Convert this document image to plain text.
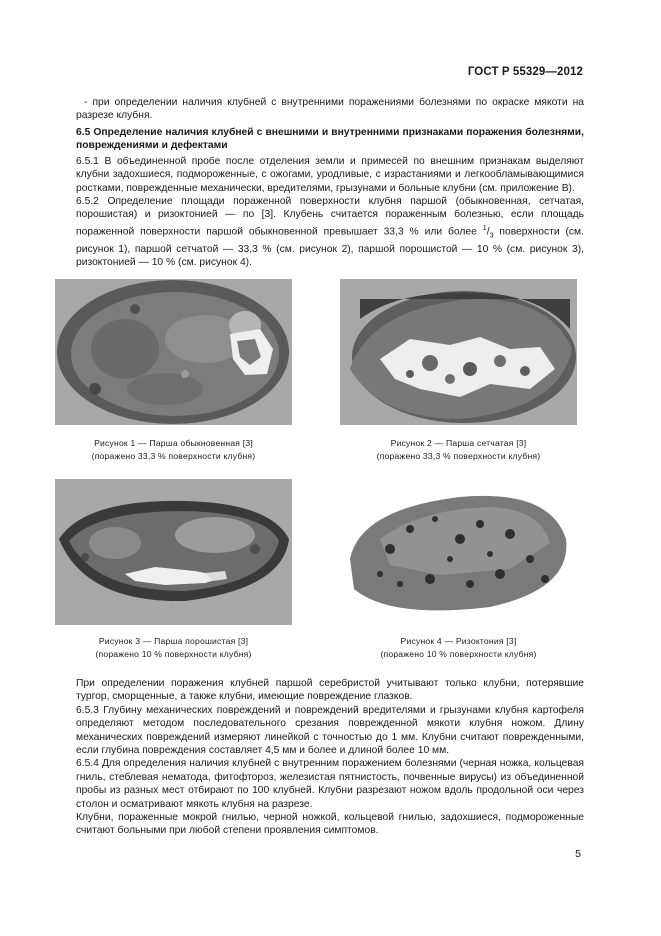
ГОСТ Р 55329—2012

- при определении наличия клубней с внутренними поражениями болезнями по окраске мякоти на разрезе клубня.

6.5 Определение наличия клубней с внешними и внутренними признаками поражения болезнями, повреждениями и дефектами

6.5.1 В объединенной пробе после отделения земли и примесей по внешним признакам выделяют клубни задохшиеся, подмороженные, с ожогами, уродливые, с израстаниями и легкообламывающимися ростками, поврежденные механически, вредителями, грызунами и больные клубни (см. приложение В).

6.5.2 Определение площади пораженной поверхности клубня паршой (обыкновенная, сетчатая, порошистая) и ризоктонией — по [3]. Клубень считается пораженным болезнью, если площадь пораженной поверхности паршой обыкновенной превышает 33,3 % или более $^1/_3$ поверхности (см. рисунок 1), паршой сетчатой — 33,3 % (см. рисунок 2), паршой порошистой — 10 % (см. рисунок 3), ризоктонией — 10 % (см. рисунок 4).

Рисунок 1 — Парша обыкновенная [3]
(поражено 33,3 % поверхности клубня)
Рисунок 2 — Парша сетчатая [3]
(поражено 33,3 % поверхности клубня)
Рисунок 3 — Парша порошистая [3]
(поражено 10 % поверхности клубня)
Рисунок 4 — Ризоктония [3]
(поражено 10 % поверхности клубня)

При определении поражения клубней паршой серебристой учитывают только клубни, потерявшие тургор, сморщенные, а также клубни, имеющие повреждение глазков.

6.5.3 Глубину механических повреждений и повреждений вредителями и грызунами клубня картофеля определяют методом последовательного срезания поврежденной мякоти клубня ножом. Длину механических повреждений измеряют линейкой с точностью до 1 мм. Клубни считают поврежденными, если глубина повреждения составляет 4,5 мм и более и длиной более 10 мм.

6.5.4 Для определения наличия клубней с внутренним поражением болезнями (черная ножка, кольцевая гниль, стеблевая нематода, фитофтороз, железистая пятнистость, почвенные вирусы) из объединенной пробы из разных мест отбирают по 100 клубней. Клубни разрезают ножом вдоль продольной оси через столон и осматривают мякоть клубня на разрезе.

Клубни, пораженные мокрой гнилью, черной ножкой, кольцевой гнилью, задохшиеся, подмороженные считают больными при любой степени проявления симптомов.

5
